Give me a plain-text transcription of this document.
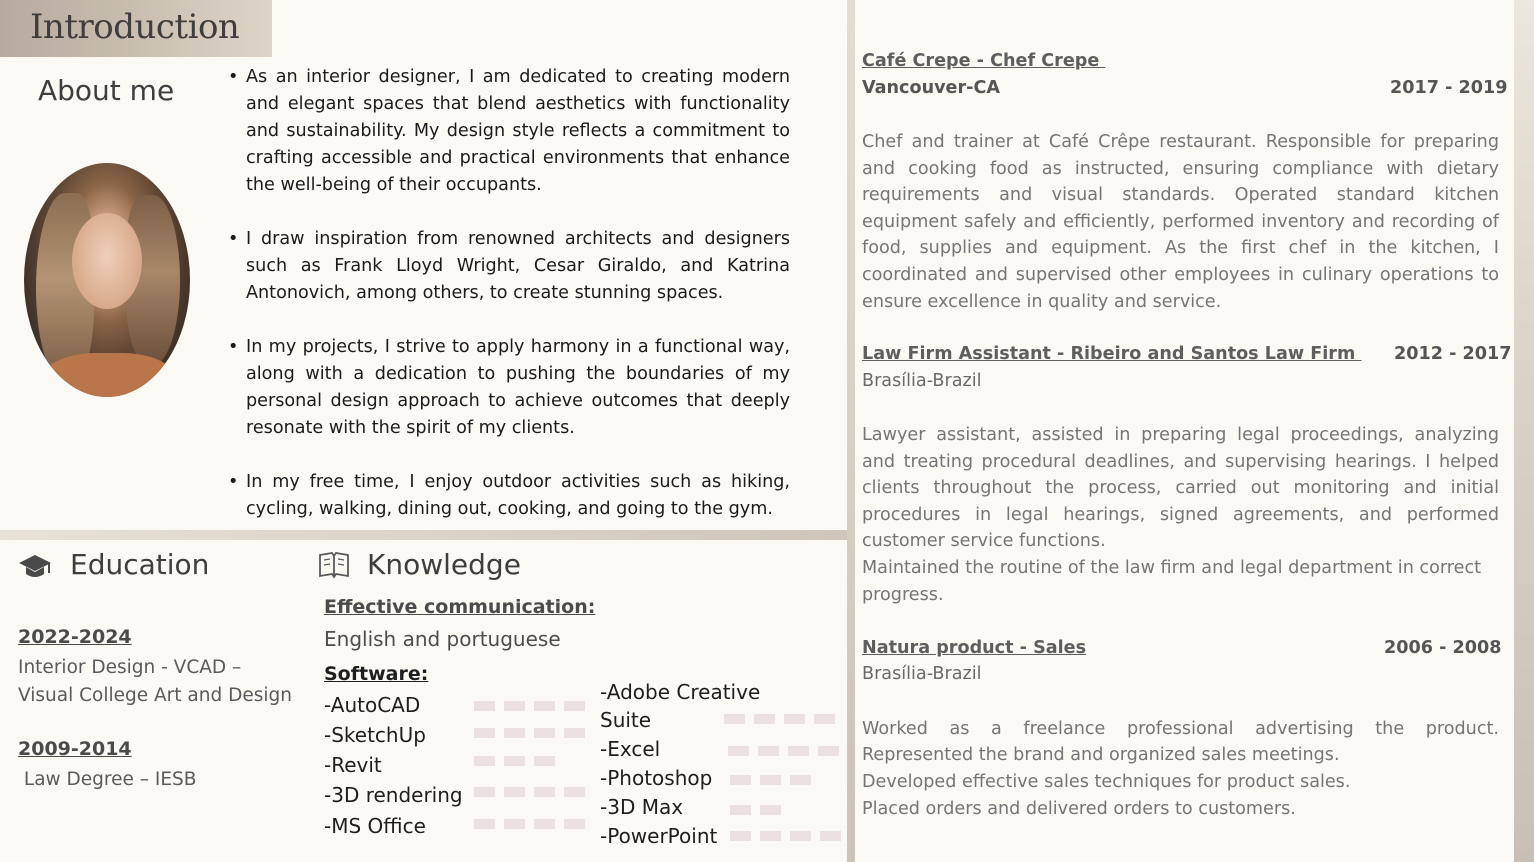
Introduction
About me
•	As an interior designer, I am dedicated to creating modern and elegant spaces that blend aesthetics with functionality and sustainability. My design style reflects a commitment to crafting accessible and practical environments that enhance the well-being of their occupants.
• I draw inspiration from renowned architects and designers such as Frank Lloyd Wright, Cesar Giraldo, and Katrina Antonovich, among others, to create stunning spaces.
• In my projects, I strive to apply harmony in a functional way, along with a dedication to pushing the boundaries of my personal design approach to achieve outcomes that deeply resonate with the spirit of my clients.
• In my free time, I enjoy outdoor activities such as hiking, cycling, walking, dining out, cooking, and going to the gym.
Education
2022-2024
Interior Design - VCAD –
Visual College Art and Design
2009-2014
Law Degree – IESB
Knowledge
Effective communication:
English and portuguese
Software:
-AutoCAD
-SketchUp
-Revit
-3D rendering
-MS Office
-Adobe Creative
Suite
-Excel
-Photoshop
-3D Max
-PowerPoint
Café Crepe - Chef Crepe
Vancouver-CA	2017 - 2019
Chef and trainer at Café Crêpe restaurant. Responsible for preparing and cooking food as instructed, ensuring compliance with dietary requirements and visual standards. Operated standard kitchen equipment safely and efficiently, performed inventory and recording of food, supplies and equipment. As the first chef in the kitchen, I coordinated and supervised other employees in culinary operations to ensure excellence in quality and service.
Law Firm Assistant - Ribeiro and Santos Law Firm 2012 - 2017
Brasília-Brazil
Lawyer assistant, assisted in preparing legal proceedings, analyzing and treating procedural deadlines, and supervising hearings. I helped clients throughout the process, carried out monitoring and initial procedures in legal hearings, signed agreements, and performed customer service functions.
Maintained the routine of the law firm and legal department in correct progress.
Natura product - Sales	2006 - 2008
Brasília-Brazil
Worked as a freelance professional advertising the product.
Represented the brand and organized sales meetings.
Developed effective sales techniques for product sales.
Placed orders and delivered orders to customers.
